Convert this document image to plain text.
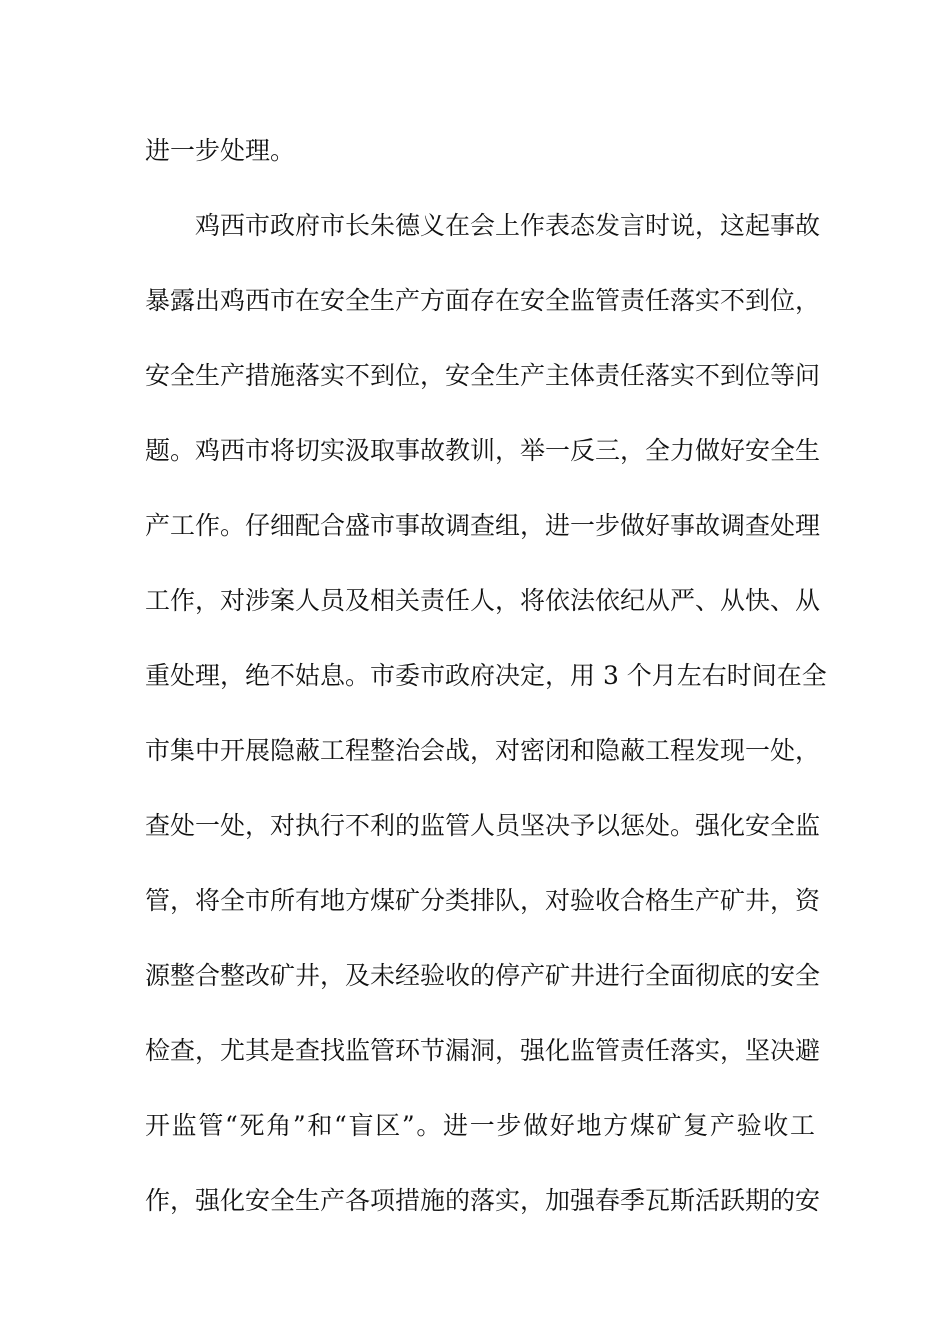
进一步处理。
鸡西市政府市长朱德义在会上作表态发言时说，这起事故
暴露出鸡西市在安全生产方面存在安全监管责任落实不到位，
安全生产措施落实不到位，安全生产主体责任落实不到位等问
题。鸡西市将切实汲取事故教训，举一反三，全力做好安全生
产工作。仔细配合盛市事故调查组，进一步做好事故调查处理
工作，对涉案人员及相关责任人，将依法依纪从严、从快、从
重处理，绝不姑息。市委市政府决定，用 3 个月左右时间在全
市集中开展隐蔽工程整治会战，对密闭和隐蔽工程发现一处，
查处一处，对执行不利的监管人员坚决予以惩处。强化安全监
管，将全市所有地方煤矿分类排队，对验收合格生产矿井，资
源整合整改矿井，及未经验收的停产矿井进行全面彻底的安全
检查，尤其是查找监管环节漏洞，强化监管责任落实，坚决避
开监管“死角”和“盲区”。进一步做好地方煤矿复产验收工
作，强化安全生产各项措施的落实，加强春季瓦斯活跃期的安
